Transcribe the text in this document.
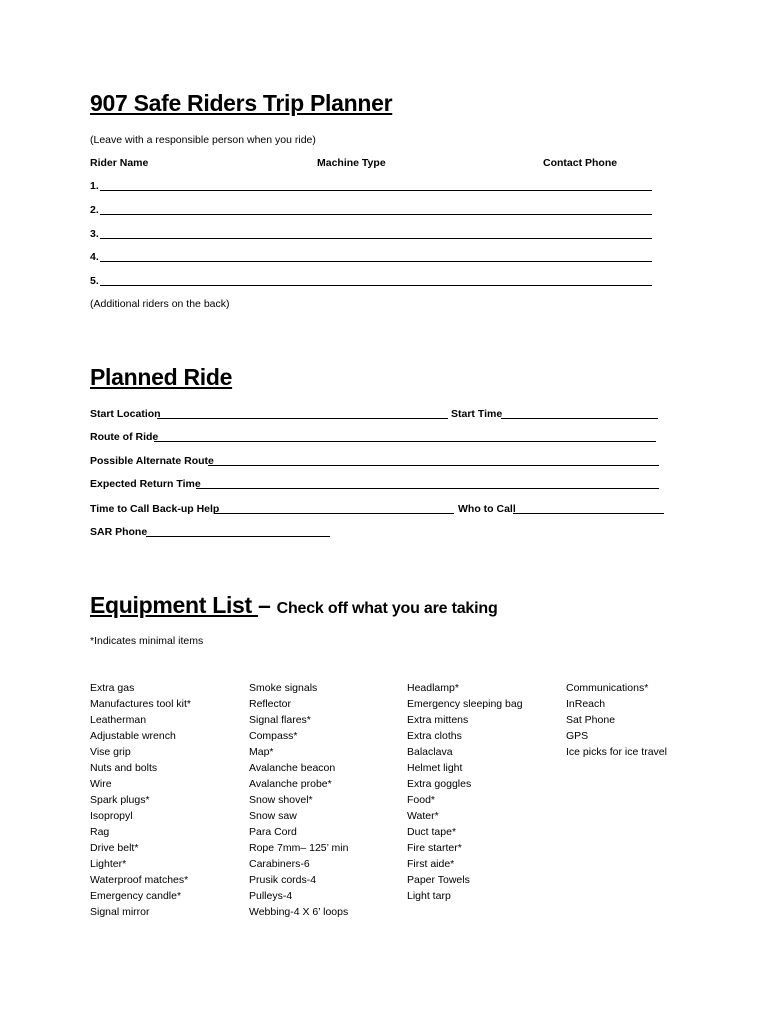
907 Safe Riders Trip Planner
(Leave with a responsible person when you ride)
Rider Name	Machine Type	Contact Phone
1.
2.
3.
4.
5.
(Additional riders on the back)
Planned Ride
Start Location	Start Time
Route of Ride
Possible Alternate Route
Expected Return Time
Time to Call Back-up Help	Who to Call
SAR Phone
Equipment List – Check off what you are taking
*Indicates minimal items
Extra gas
Manufactures tool kit*
Leatherman
Adjustable wrench
Vise grip
Nuts and bolts
Wire
Spark plugs*
Isopropyl
Rag
Drive belt*
Lighter*
Waterproof matches*
Emergency candle*
Signal mirror
Smoke signals
Reflector
Signal flares*
Compass*
Map*
Avalanche beacon
Avalanche probe*
Snow shovel*
Snow saw
Para Cord
Rope 7mm– 125’ min
Carabiners-6
Prusik cords-4
Pulleys-4
Webbing-4 X 6’ loops
Headlamp*
Emergency sleeping bag
Extra mittens
Extra cloths
Balaclava
Helmet light
Extra goggles
Food*
Water*
Duct tape*
Fire starter*
First aide*
Paper Towels
Light tarp
Communications*
InReach
Sat Phone
GPS
Ice picks for ice travel
